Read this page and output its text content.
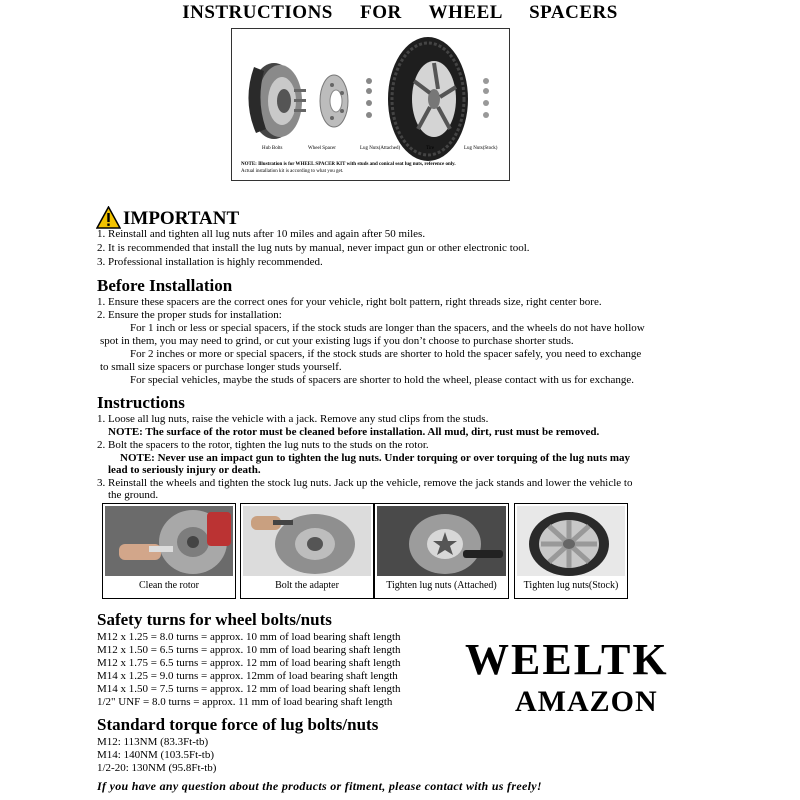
INSTRUCTIONS FOR WHEEL SPACERS
Hub Bolts	Wheel Spacer	Lug Nuts(Attached)	Tire	Lug Nuts(Stock)
NOTE: Illustration is for WHEEL SPACER KIT with studs and conical seat lug nuts, reference only.
Actual installation kit is according to what you get.
IMPORTANT
1. Reinstall and tighten all lug nuts after 10 miles and again after 50 miles.
2. It is recommended that install the lug nuts by manual, never impact gun or other electronic tool.
3. Professional installation is highly recommended.
Before Installation
1. Ensure these spacers are the correct ones for your vehicle, right bolt pattern, right threads size, right center bore.
2. Ensure the proper studs for installation:
For 1 inch or less or special spacers, if the stock studs are longer than the spacers, and the wheels do not have hollow
spot in them, you may need to grind, or cut your existing lugs if you don’t choose to purchase shorter studs.
For 2 inches or more or special spacers, if the stock studs are shorter to hold the spacer safely, you need to exchange
to small size spacers or purchase longer studs yourself.
For special vehicles, maybe the studs of spacers are shorter to hold the wheel, please contact with us for exchange.
Instructions
1. Loose all lug nuts, raise the vehicle with a jack. Remove any stud clips from the studs.
NOTE: The surface of the rotor must be cleaned before installation. All mud, dirt, rust must be removed.
2. Bolt the spacers to the rotor, tighten the lug nuts to the studs on the rotor.
NOTE: Never use an impact gun to tighten the lug nuts. Under torquing or over torquing of the lug nuts may
lead to seriously injury or death.
3. Reinstall the wheels and tighten the stock lug nuts. Jack up the vehicle, remove the jack stands and lower the vehicle to
the ground.
Clean the rotor	Bolt the adapter	Tighten lug nuts (Attached)	Tighten lug nuts(Stock)
Safety turns for wheel bolts/nuts
M12 x 1.25 = 8.0 turns = approx. 10 mm of load bearing shaft length
M12 x 1.50 = 6.5 turns = approx. 10 mm of load bearing shaft length
M12 x 1.75 = 6.5 turns = approx. 12 mm of load bearing shaft length
M14 x 1.25 = 9.0 turns = approx. 12mm of load bearing shaft length
M14 x 1.50 = 7.5 turns = approx. 12 mm of load bearing shaft length
1/2" UNF = 8.0 turns = approx. 11 mm of load bearing shaft length
Standard torque force of lug bolts/nuts
M12: 113NM (83.3Ft-tb)
M14: 140NM (103.5Ft-tb)
1/2-20: 130NM (95.8Ft-tb)
WEELTK
AMAZON
If you have any question about the products or fitment, please contact with us freely!
